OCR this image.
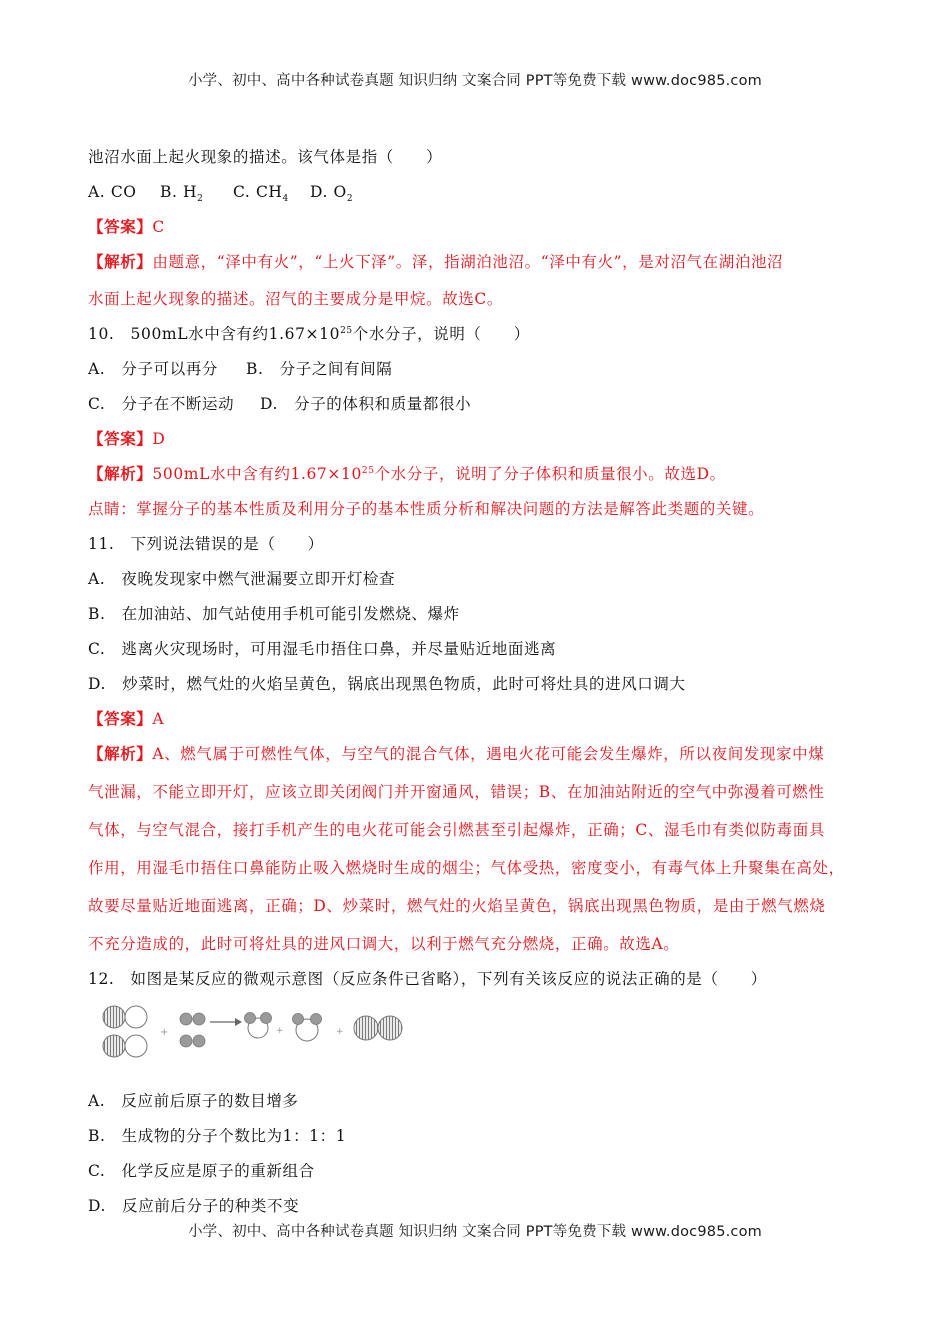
小学、初中、高中各种试卷真题 知识归纳 文案合同 PPT等免费下载 www.doc985.com
池沼水面上起火现象的描述。该气体是指（　　）
A. CO B. $H_2$ C. $CH_4$ D. $O_2$
【答案】C
【解析】由题意，“泽中有火”，“上火下泽”。泽，指湖泊池沼。“泽中有火”，是对沼气在湖泊池沼
水面上起火现象的描述。沼气的主要成分是甲烷。故选C。
10.　500mL水中含有约$1.67\times 10^{25}$个水分子，说明（　　）
A.　分子可以再分 B.　分子之间有间隔
C.　分子在不断运动 D.　分子的体积和质量都很小
【答案】D
【解析】500mL水中含有约$1.67\times 10^{25}$个水分子，说明了分子体积和质量很小。故选D。
点睛：掌握分子的基本性质及利用分子的基本性质分析和解决问题的方法是解答此类题的关键。
11.　下列说法错误的是（　　）
A.　夜晚发现家中燃气泄漏要立即开灯检查
B.　在加油站、加气站使用手机可能引发燃烧、爆炸
C.　逃离火灾现场时，可用湿毛巾捂住口鼻，并尽量贴近地面逃离
D.　炒菜时，燃气灶的火焰呈黄色，锅底出现黑色物质，此时可将灶具的进风口调大
【答案】A
【解析】A、燃气属于可燃性气体，与空气的混合气体，遇电火花可能会发生爆炸，所以夜间发现家中煤
气泄漏，不能立即开灯，应该立即关闭阀门并开窗通风，错误；B、在加油站附近的空气中弥漫着可燃性
气体，与空气混合，接打手机产生的电火花可能会引燃甚至引起爆炸，正确；C、湿毛巾有类似防毒面具
作用，用湿毛巾捂住口鼻能防止吸入燃烧时生成的烟尘；气体受热，密度变小，有毒气体上升聚集在高处，
故要尽量贴近地面逃离，正确；D、炒菜时，燃气灶的火焰呈黄色，锅底出现黑色物质，是由于燃气燃烧
不充分造成的，此时可将灶具的进风口调大，以利于燃气充分燃烧，正确。故选A。
12.　如图是某反应的微观示意图（反应条件已省略），下列有关该反应的说法正确的是（　　）
+	+	+
A.　反应前后原子的数目增多
B.　生成物的分子个数比为1：1：1
C.　化学反应是原子的重新组合
D.　反应前后分子的种类不变
小学、初中、高中各种试卷真题 知识归纳 文案合同 PPT等免费下载 www.doc985.com
